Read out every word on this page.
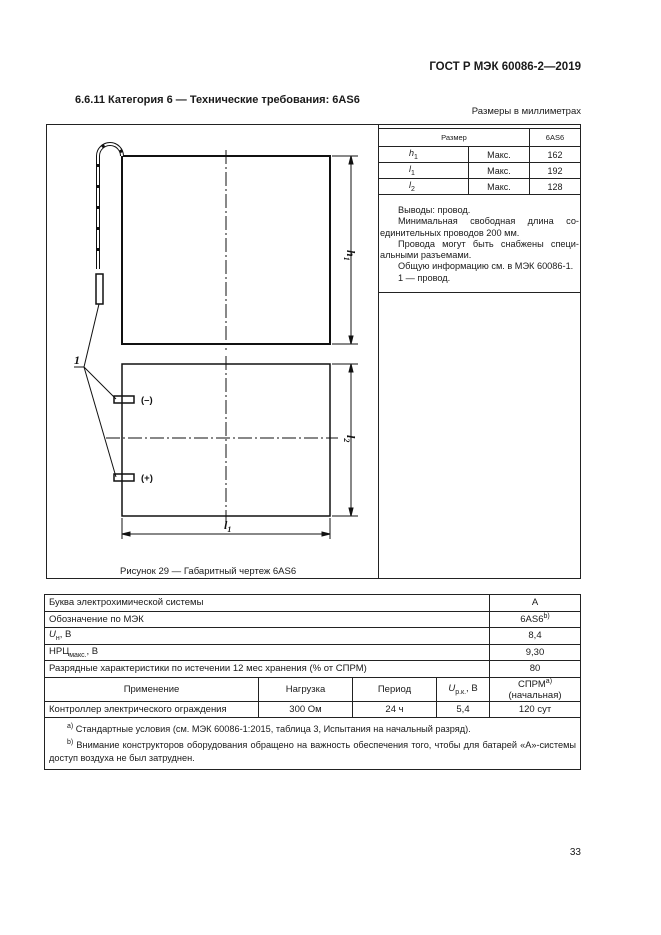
ГОСТ Р МЭК 60086-2—2019
6.6.11 Категория 6 — Технические требования: 6AS6
Размеры в миллиметрах
1
(–)
(+)
$h_1$
$l_2$
$l_1$
Рисунок 29 — Габаритный чертеж 6AS6
Размер		6AS6
$h_1$	Макс.	162
$l_1$	Макс.	192
$l_2$	Макс.	128

Выводы: провод.

Минимальная свободная длина со-единительных проводов 200 мм.

Провода могут быть снабжены специ-альными разъемами.

Общую информацию см. в МЭК 60086-1.

1 — провод.

Буква электрохимической системы				A
Обозначение по МЭК				6AS6$^{b)}$
$U_н$, В				8,4
$НРЦ_{макс.}$, В				9,30
Разрядные характеристики по истечении 12 мес хранения (% от СПРМ)				80
Применение	Нагрузка	Период	$U_{р.к.}$, В	СПРМ$^{a)}$ (начальная)
Контроллер электрического ограждения	300 Ом	24 ч	5,4	120 сут

$^{a)}$ Стандартные условия (см. МЭК 60086-1:2015, таблица 3, Испытания на начальный разряд).
$^{b)}$ Внимание конструкторов оборудования обращено на важность обеспечения того, чтобы для батарей «A»-системы доступ воздуха не был затруднен.				
33
